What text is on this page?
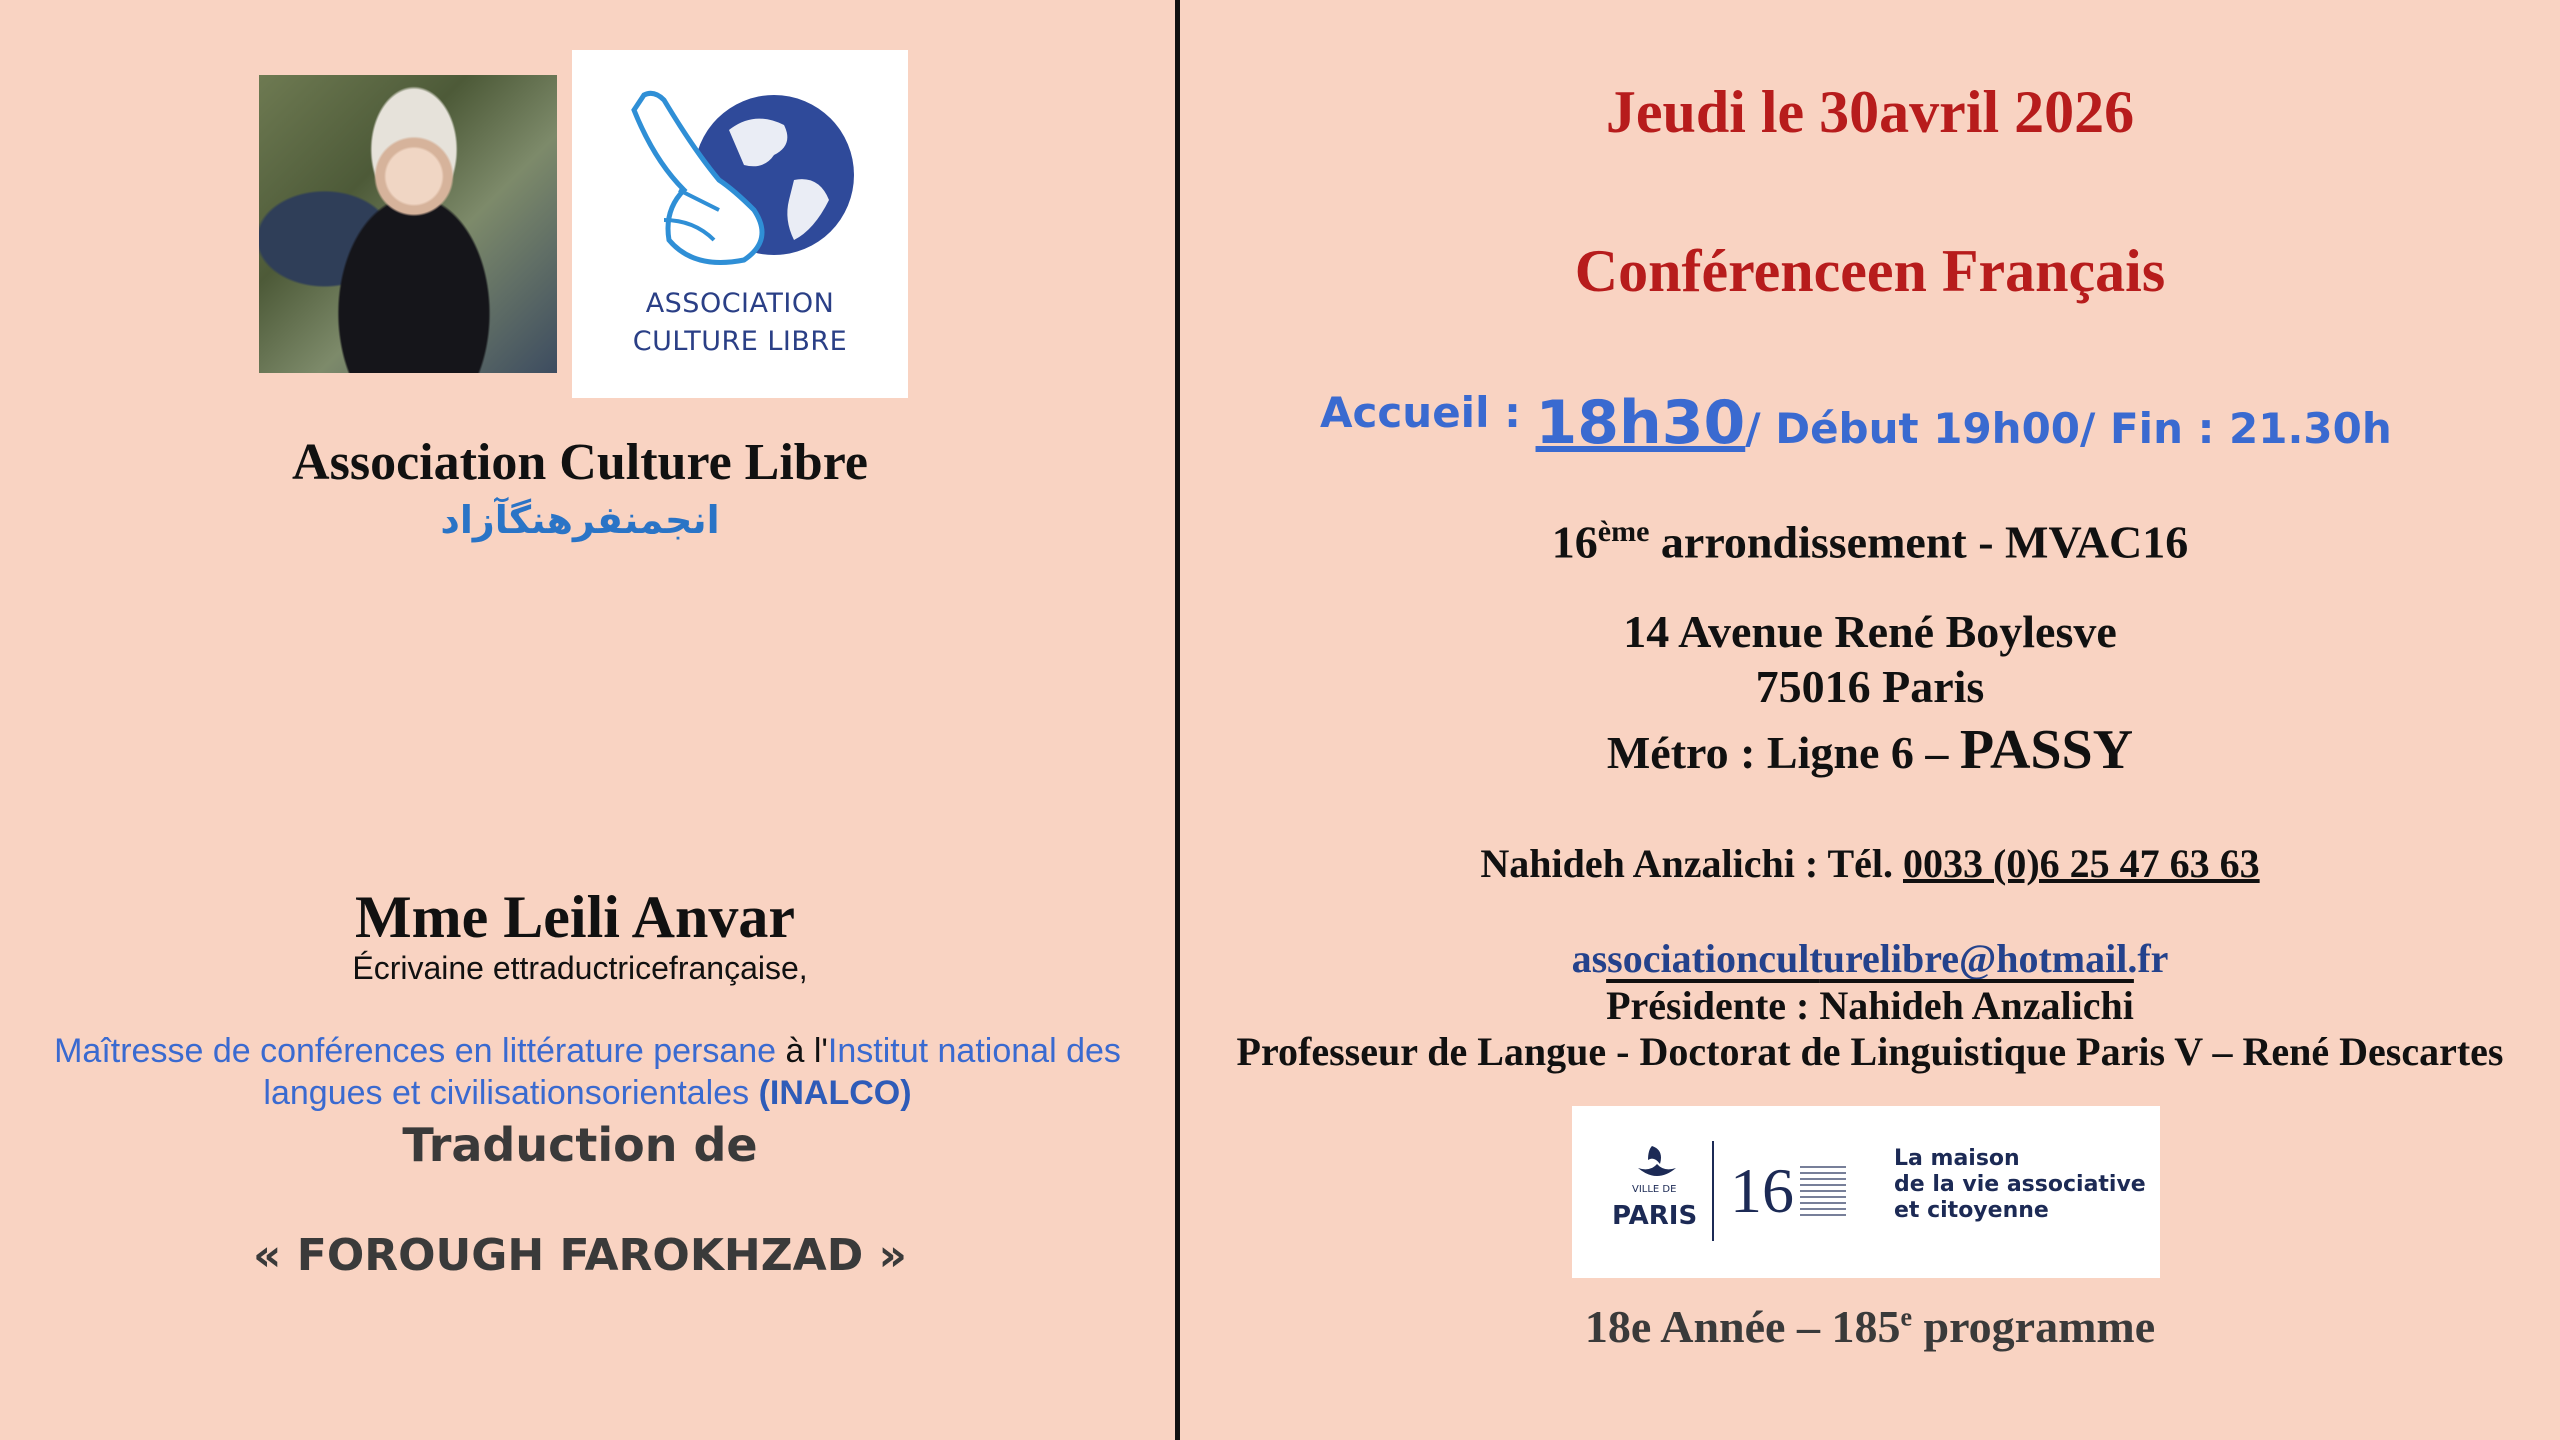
ASSOCIATION
CULTURE LIBRE
Association Culture Libre
انجمنفرهنگآزاد
Mme Leili Anvar
Écrivaine ettraductricefrançaise,
Maîtresse de conférences en littérature persane à l'Institut national des
langues et civilisationsorientales (INALCO)
Traduction de
« FOROUGH FAROKHZAD »
Jeudi le 30avril 2026
Conférenceen Français
Accueil : 18h30/ Début 19h00/ Fin : 21.30h
16ème arrondissement - MVAC16
14 Avenue René Boylesve
75016 Paris
Métro : Ligne 6 – PASSY
Nahideh Anzalichi : Tél. 0033 (0)6 25 47 63 63
associationculturelibre@hotmail.fr
Présidente : Nahideh Anzalichi
Professeur de Langue - Doctorat de Linguistique Paris V – René Descartes
VILLE DE
PARIS 16	La maison
de la vie associative
et citoyenne
18e Année – 185e programme
